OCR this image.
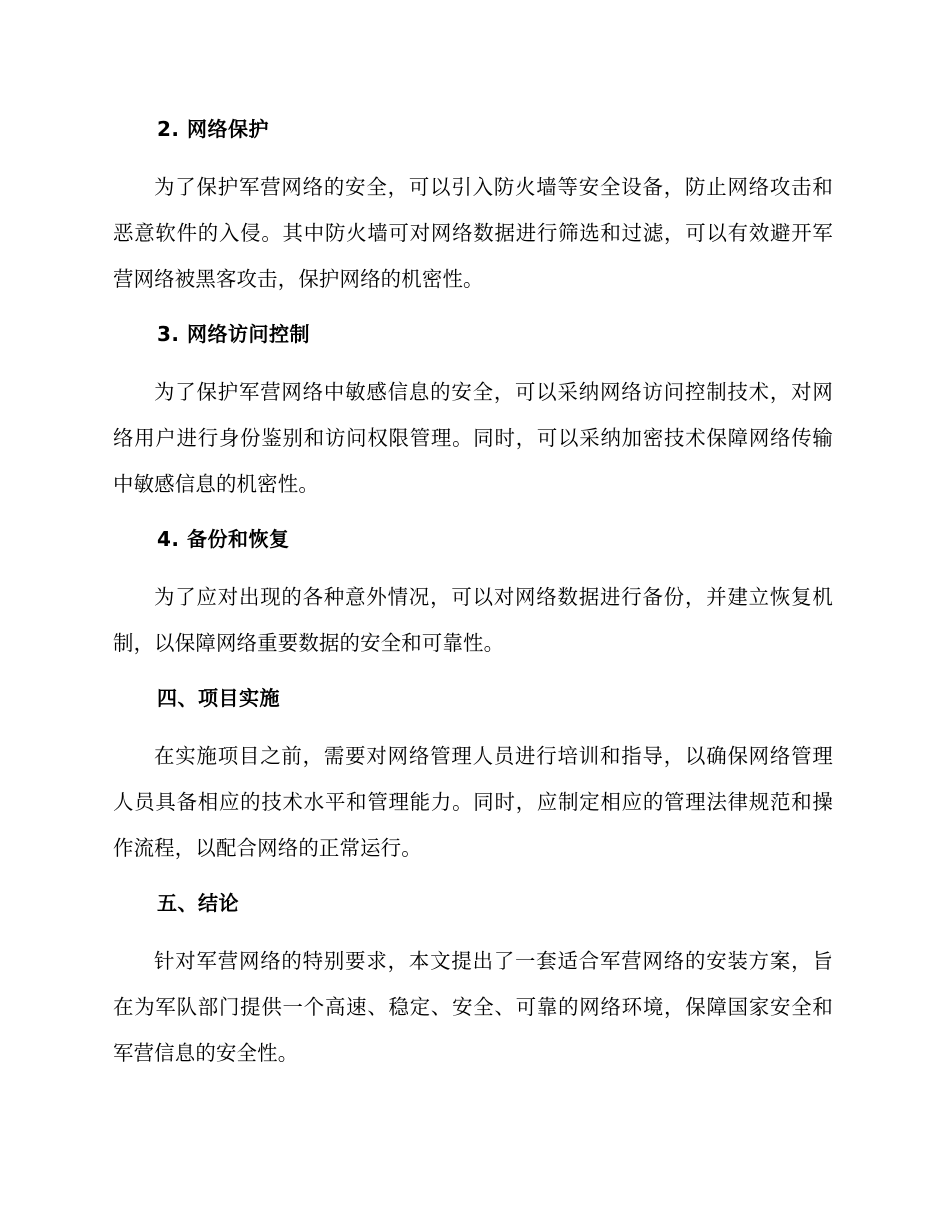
2. 网络保护
为了保护军营网络的安全，可以引入防火墙等安全设备，防止网络攻击和恶意软件的入侵。其中防火墙可对网络数据进行筛选和过滤，可以有效避开军营网络被黑客攻击，保护网络的机密性。
3. 网络访问控制
为了保护军营网络中敏感信息的安全，可以采纳网络访问控制技术，对网络用户进行身份鉴别和访问权限管理。同时，可以采纳加密技术保障网络传输中敏感信息的机密性。
4. 备份和恢复
为了应对出现的各种意外情况，可以对网络数据进行备份，并建立恢复机制，以保障网络重要数据的安全和可靠性。
四、项目实施
在实施项目之前，需要对网络管理人员进行培训和指导，以确保网络管理人员具备相应的技术水平和管理能力。同时，应制定相应的管理法律规范和操作流程，以配合网络的正常运行。
五、结论
针对军营网络的特别要求，本文提出了一套适合军营网络的安装方案，旨在为军队部门提供一个高速、稳定、安全、可靠的网络环境，保障国家安全和军营信息的安全性。
